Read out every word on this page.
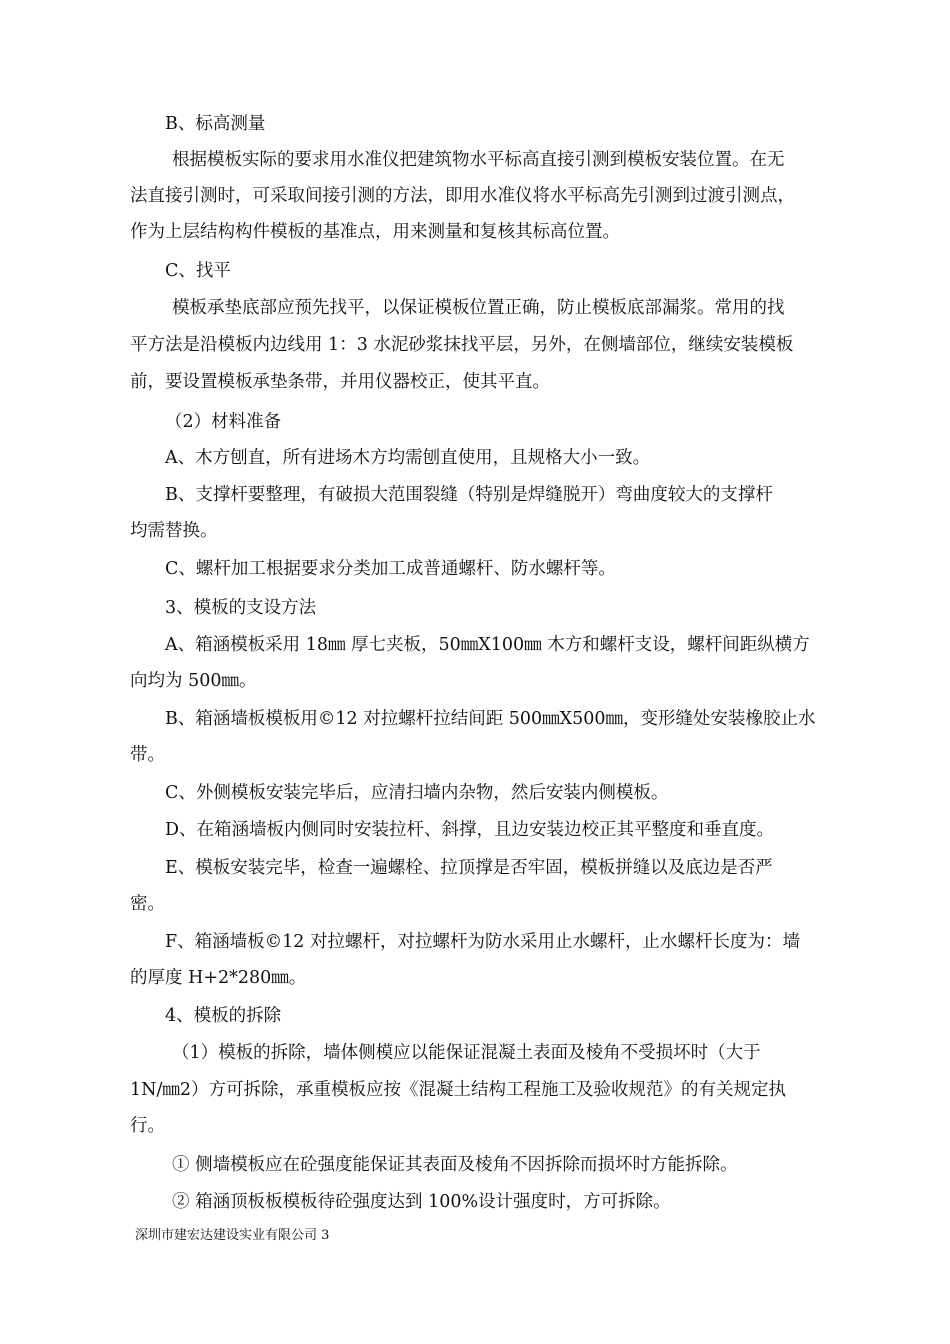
B、标高测量

根据模板实际的要求用水准仪把建筑物水平标高直接引测到模板安装位置。在无

法直接引测时，可采取间接引测的方法，即用水准仪将水平标高先引测到过渡引测点，

作为上层结构构件模板的基准点，用来测量和复核其标高位置。

C、找平

模板承垫底部应预先找平，以保证模板位置正确，防止模板底部漏浆。常用的找

平方法是沿模板内边线用 1：3 水泥砂浆抹找平层，另外，在侧墙部位，继续安装模板

前，要设置模板承垫条带，并用仪器校正，使其平直。

（2）材料准备

A、木方刨直，所有进场木方均需刨直使用，且规格大小一致。

B、支撑杆要整理，有破损大范围裂缝（特别是焊缝脱开）弯曲度较大的支撑杆

均需替换。

C、螺杆加工根据要求分类加工成普通螺杆、防水螺杆等。

3、模板的支设方法

A、箱涵模板采用 18㎜ 厚七夹板，50㎜X100㎜ 木方和螺杆支设，螺杆间距纵横方

向均为 500㎜。

B、箱涵墙板模板用©12 对拉螺杆拉结间距 500㎜X500㎜，变形缝处安装橡胶止水

带。

C、外侧模板安装完毕后，应清扫墙内杂物，然后安装内侧模板。

D、在箱涵墙板内侧同时安装拉杆、斜撑，且边安装边校正其平整度和垂直度。

E、模板安装完毕，检查一遍螺栓、拉顶撑是否牢固，模板拼缝以及底边是否严

密。

F、箱涵墙板©12 对拉螺杆，对拉螺杆为防水采用止水螺杆，止水螺杆长度为：墙

的厚度 H+2*280㎜。

4、模板的拆除

（1）模板的拆除，墙体侧模应以能保证混凝土表面及棱角不受损坏时（大于

1N/㎜2）方可拆除，承重模板应按《混凝土结构工程施工及验收规范》的有关规定执

行。

① 侧墙模板应在砼强度能保证其表面及棱角不因拆除而损坏时方能拆除。

② 箱涵顶板板模板待砼强度达到 100%设计强度时，方可拆除。

深圳市建宏达建设实业有限公司 3
